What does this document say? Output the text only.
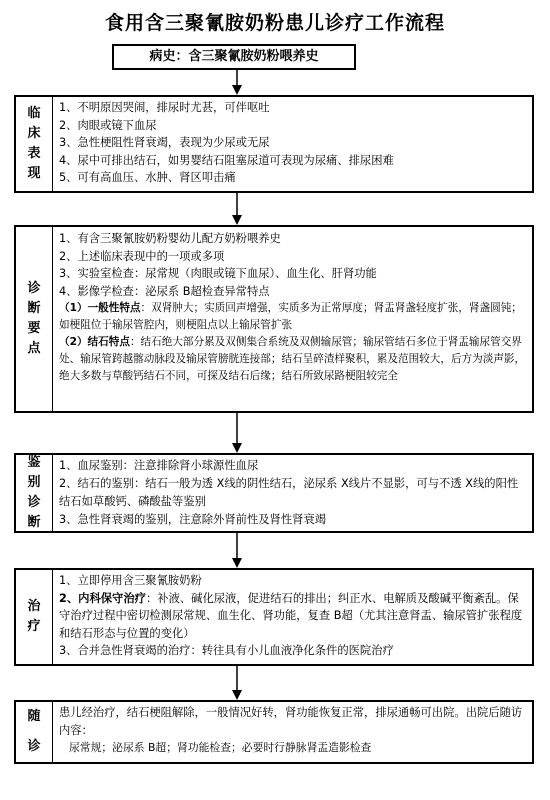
食用含三聚氰胺奶粉患儿诊疗工作流程
病史：含三聚氰胺奶粉喂养史
临
床
表
现
1、不明原因哭闹，排尿时尤甚，可伴呕吐
2、肉眼或镜下血尿
3、急性梗阻性肾衰竭，表现为少尿或无尿
4、尿中可排出结石，如男婴结石阻塞尿道可表现为尿痛、排尿困难
5、可有高血压、水肿、肾区叩击痛
诊
断
要
点
1、有含三聚氰胺奶粉婴幼儿配方奶粉喂养史
2、上述临床表现中的一项或多项
3、实验室检查：尿常规（肉眼或镜下血尿）、血生化、肝肾功能
4、影像学检查：泌尿系 B超检查异常特点
（1）一般性特点：双肾肿大；实质回声增强，实质多为正常厚度；肾盂肾盏轻度扩张，肾盏圆钝；如梗阻位于输尿管腔内，则梗阻点以上输尿管扩张
（2）结石特点：结石绝大部分累及双侧集合系统及双侧输尿管；输尿管结石多位于肾盂输尿管交界处、输尿管跨越髂动脉段及输尿管膀胱连接部；结石呈碎渣样聚积，累及范围较大，后方为淡声影，绝大多数与草酸钙结石不同，可探及结石后缘；结石所致尿路梗阻较完全
鉴
别
诊
断
1、血尿鉴别：注意排除肾小球源性血尿
2、结石的鉴别：结石一般为透 X线的阴性结石，泌尿系 X线片不显影，可与不透 X线的阳性结石如草酸钙、磷酸盐等鉴别
3、急性肾衰竭的鉴别，注意除外肾前性及肾性肾衰竭
治
疗
1、立即停用含三聚氰胺奶粉
2、内科保守治疗：补液、碱化尿液，促进结石的排出；纠正水、电解质及酸碱平衡紊乱。保守治疗过程中密切检测尿常规、血生化、肾功能，复查 B超（尤其注意肾盂、输尿管扩张程度和结石形态与位置的变化）
3、合并急性肾衰竭的治疗：转往具有小儿血液净化条件的医院治疗
随
诊
患儿经治疗，结石梗阻解除，一般情况好转，肾功能恢复正常，排尿通畅可出院。出院后随访内容：
尿常规；泌尿系 B超；肾功能检查；必要时行静脉肾盂造影检查
